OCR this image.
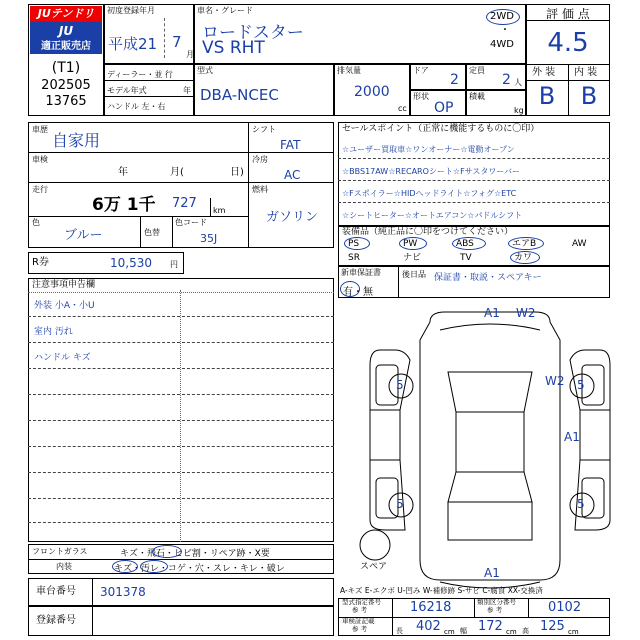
JUテンドリ
JU
適正販売店
(T1)
202505
13765
初度登録年月
平成21 7
月
車名・グレード
ロードスター
VS RHT
2WD
・
4WD
評 価 点
4.5
外 装 内 装
B	B
ディーラー・並 行
モデル年式	年
ハンドル 左・右
型式
DBA-NCEC
排気量
2000
cc
ドア
2
定員
2 人
形状
OP
積載
kg
車歴
自家用
車検
年	月(	日)
走行
6万 1千 727 km
色
ブルー	色替
色コード
35J
シフト
FAT
冷房
AC
燃料
ガソリン
セールスポイント（正常に機能するものに〇印）
☆ユーザー買取車☆ワンオーナー☆電動オープン
☆BBS17AW☆RECAROシート☆Fサスタワーバー
☆Fスポイラー☆HIDヘッドライト☆フォグ☆ETC
☆シートヒーター☆オートエアコン☆パドルシフト
装備品（純正品に〇印をつけてください）
PS	PW	ABS	エアB	AW
SR	ナビ	TV	カワ
新車保証書
有・無
後日品 保証書・取説・スペアキー
R券	10,530 円
注意事項申告欄
外装 小A・小U
室内 汚れ
ハンドル キズ
フロントガラス	キズ・飛石・ヒビ割・リペア跡・X要
内装	キズ・汚レ・コゲ・穴・スレ・キレ・破レ
車台番号 301378
登録番号
A1 W2
5	5
W2
5
A1
5
A1
スペア
A-キズ E-エクボ U-凹み W-補修跡 S-サビ C-腐食 XX-交換済
型式指定番号
参 考	16218	類別区分番号
参 考	0102
車検証記載
参 考	長 402 cm 幅 172 cm 高 125 cm
